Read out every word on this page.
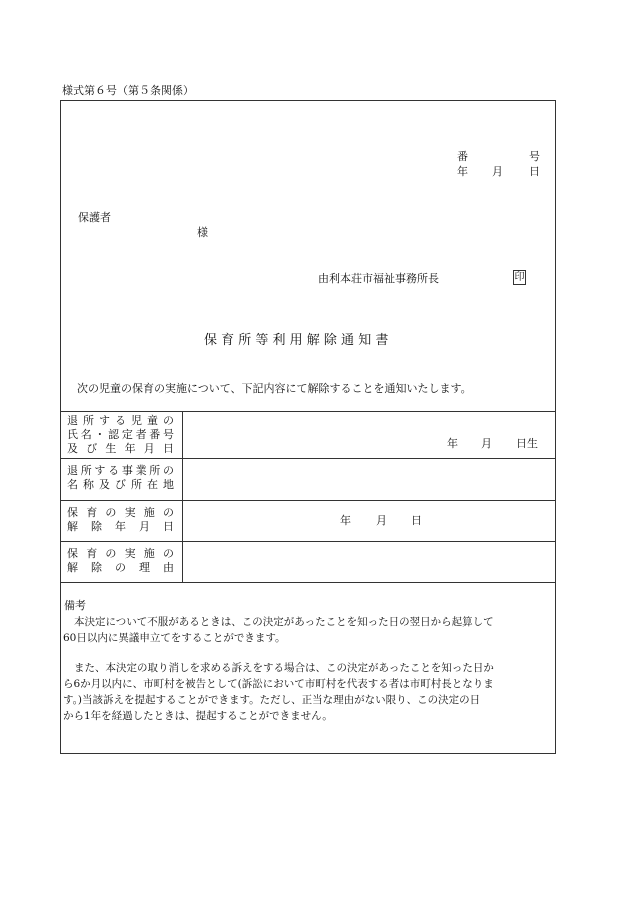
様式第６号（第５条関係）
番	号
年 月 日
保護者
様
由利本荘市福祉事務所長	印
保 育 所 等 利 用 解 除 通 知 書
次の児童の保育の実施について、下記内容にて解除することを通知いたします。
退所する児童の
氏名・認定者番号
及び生年月日	年 月 日生
退所する事業所の
名称及び所在地
保育の実施の
解除年月日	年 月 日
保育の実施の
解除の理由
備考
本決定について不服があるときは、この決定があったことを知った日の翌日から起算して
60日以内に異議申立てをすることができます。
また、本決定の取り消しを求める訴えをする場合は、この決定があったことを知った日か
ら6か月以内に、市町村を被告として(訴訟において市町村を代表する者は市町村長となりま
す。)当該訴えを提起することができます。ただし、正当な理由がない限り、この決定の日
から1年を経過したときは、提起することができません。
